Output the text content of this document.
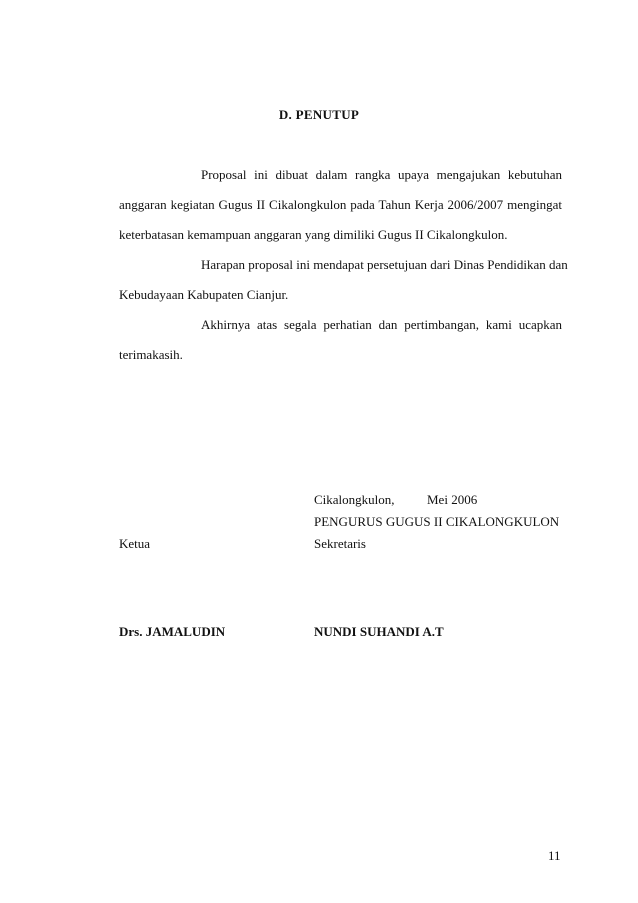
D. PENUTUP
Proposal ini dibuat dalam rangka upaya mengajukan kebutuhan
anggaran kegiatan Gugus II Cikalongkulon pada Tahun Kerja 2006/2007 mengingat
keterbatasan kemampuan anggaran yang dimiliki Gugus II Cikalongkulon.
Harapan proposal ini mendapat persetujuan dari Dinas Pendidikan dan
Kebudayaan Kabupaten Cianjur.
Akhirnya atas segala perhatian dan pertimbangan, kami ucapkan
terimakasih.
Cikalongkulon, Mei 2006
PENGURUS GUGUS II CIKALONGKULON
Ketua	Sekretaris
Drs. JAMALUDIN	NUNDI SUHANDI A.T
11
